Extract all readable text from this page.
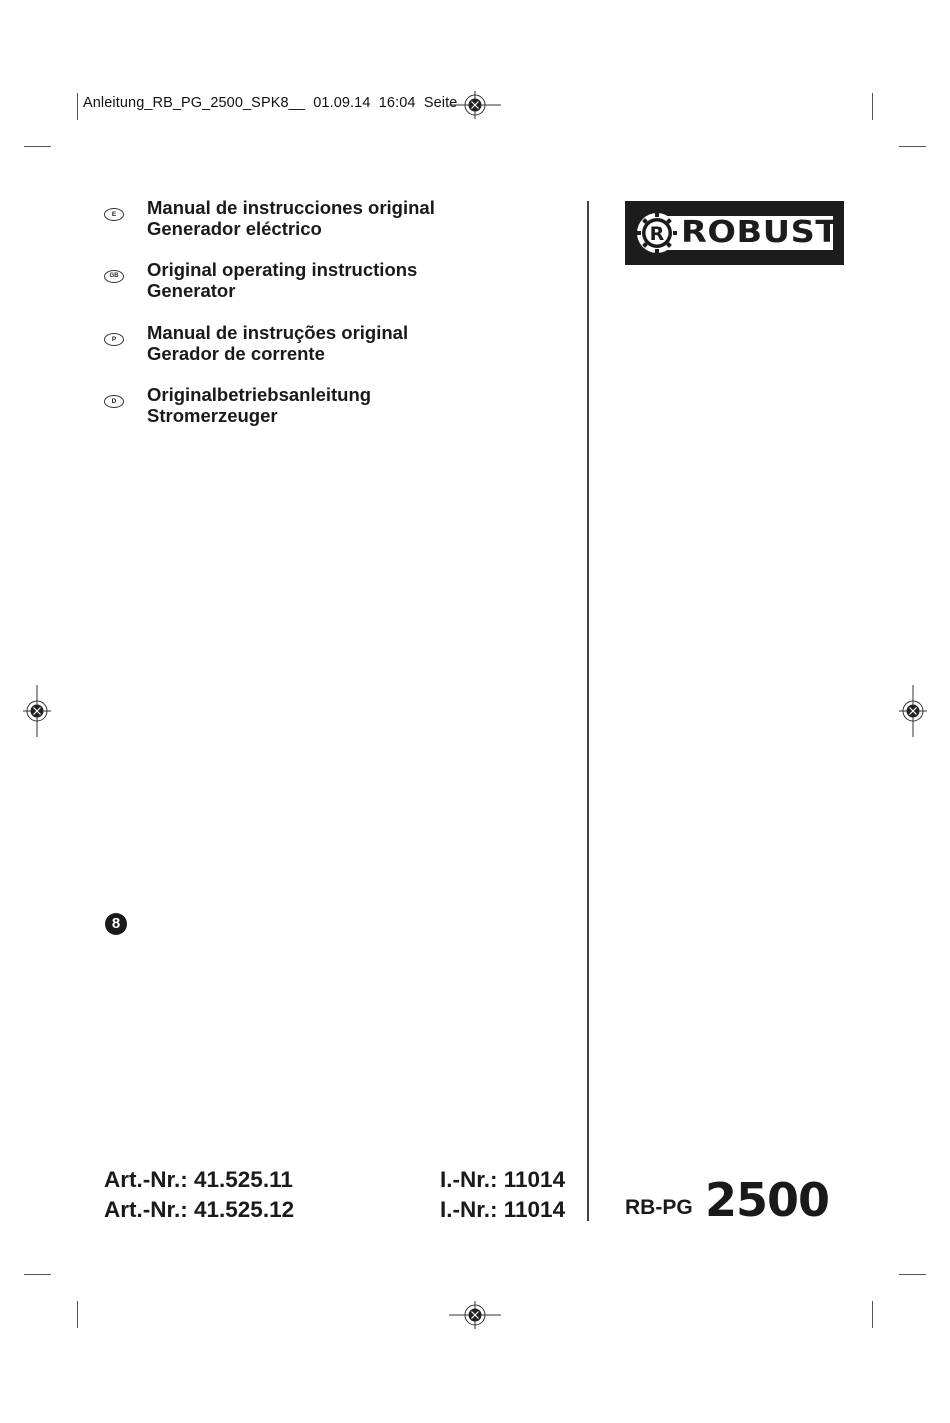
Anleitung_RB_PG_2500_SPK8__ 01.09.14 16:04 Seite
E	Manual de instrucciones original
Generador eléctrico
GB Original operating instructions
Generator
P	Manual de instruções original
Gerador de corrente
D	Originalbetriebsanleitung
Stromerzeuger
R ROBUST
8
Art.-Nr.: 41.525.11
Art.-Nr.: 41.525.12
I.-Nr.: 11014
I.-Nr.: 11014	RB-PG 2500
